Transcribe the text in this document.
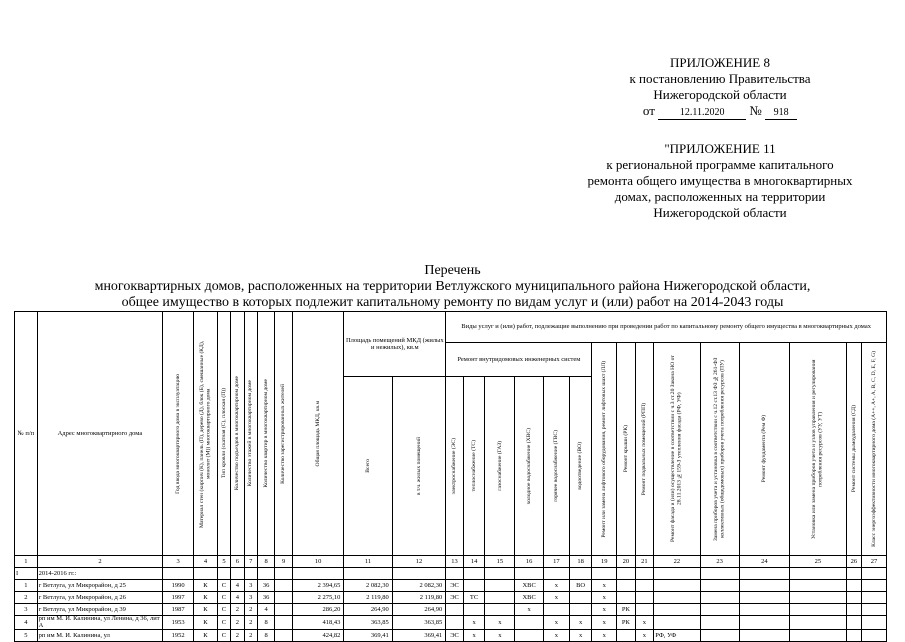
ПРИЛОЖЕНИЕ 8
к постановлению Правительства
Нижегородской области
от 12.11.2020 № 918
"ПРИЛОЖЕНИЕ 11
к региональной программе капитального
ремонта общего имущества в многоквартирных
домах, расположенных на территории
Нижегородской области
Перечень
многоквартирных домов, расположенных на территории Ветлужского муниципального района Нижегородской области,
общее имущество в которых подлежит капитальному ремонту по видам услуг и (или) работ на 2014-2043 годы
№ п/п	Адрес многоквартирного дома	Год ввода многоквартирного дома в эксплуатацию	Материал стен (кирпич (К), панель (П), дерево (Д), блок (Б), смешанные (КД), монолит (М)) многоквартирного дома	Тип кровли (скатная (С), плоская (П))	Количество подъездов в многоквартирном доме	Количество этажей в многоквартирном доме	Количество квартир в многоквартирном доме	Количество зарегистрированных жителей	Общая площадь МКД, кв.м	Площадь помещений МКД (жилых и нежилых), кв.м		Виды услуг и (или) работ, подлежащие выполнению при проведении работ по капитальному ремонту общего имущества в многоквартирных домах														
												Ремонт внутридомовых инженерных систем						Ремонт или замена лифтового оборудования, ремонт лифтовых шахт (ЛЛ)	Ремонт крыши (РК)	Ремонт подвальных помещений (РПП)	Ремонт фасада и (или) осуществление в соответствии с ч.3 ст.20 Закона НО от 28.11.2013 №159-З утепления фасада (РФ, УФ)	Замена приборов учета и установка в соответствии с ч.12 ст.13 ФЗ №261-ФЗ коллективных (общедомовых) приборов учета потребления ресурсов (ПУ)	Ремонт фундамента (Рем Ф)	Установка или замена приборов учета и узлов управления и регулирования потребления ресурсов (УУ, УТ)	Ремонт системы дымоудаления (СД)	Класс энергоэффективности многоквартирного дома (A++, A+, A, B, C, D, E, F, G)

										Всего	в т.ч. жилых помещений	электроснабжение (ЭС)	теплоснабжение (ТС)	газоснабжение (ГАЗ)	холодное водоснабжение (ХВС)	горячее водоснабжение (ГВС)	водоотведение (ВО)									

1	2	3	4	5	6	7	8	9	10	11	12	13	14	15	16	17	18	19	20	21	22	23	24	25	26	27
I	2014-2016 гг.:																									
1	г Ветлуга, ул Микрорайон, д 25	1990	К	С	4	3	36		2 394,65	2 082,30	2 082,30	ЭС			ХВС	х	ВО	х								
2	г Ветлуга, ул Микрорайон, д 26	1997	К	С	4	3	36		2 275,10	2 119,80	2 119,80	ЭС	ТС		ХВС	х		х								
3	г Ветлуга, ул Микрорайон, д 39	1987	К	С	2	2	4		286,20	264,90	264,90				х			х	РК							
4	рп им М. И. Калинина, ул Ленина, д 36, лит А	1953	К	С	2	2	8		418,43	363,85	363,85		х	х		х	х	х	РК	х						
5	рп им М. И. Калинина, ул	1952	К	С	2	2	8		424,82	369,41	369,41	ЭС	х	х		х	х	х		х	РФ, УФ					
